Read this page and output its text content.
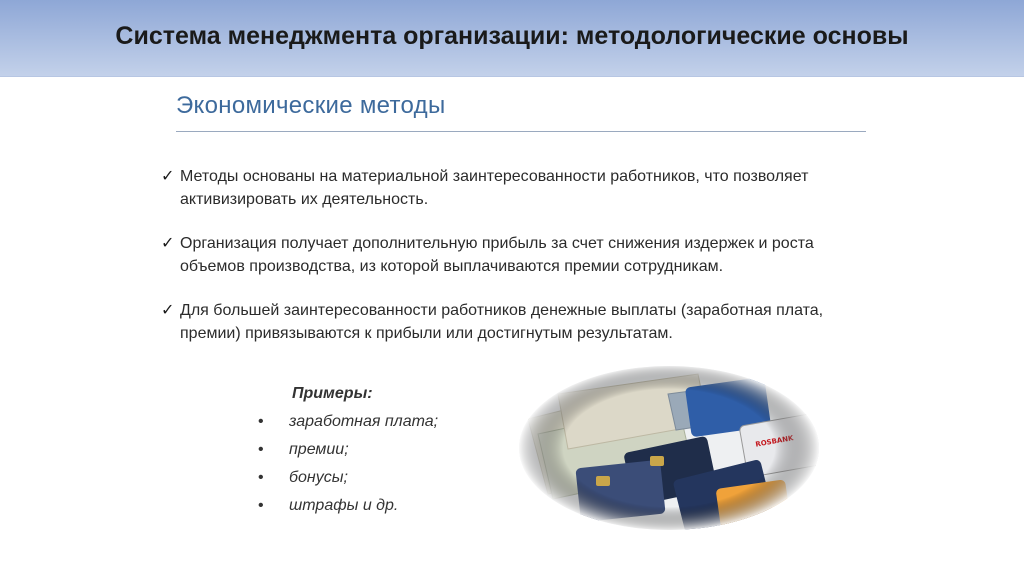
Система менеджмента организации: методологические основы
Экономические методы
✓ Методы основаны на материальной заинтересованности работников, что позволяет активизировать их деятельность.
✓ Организация получает дополнительную прибыль за счет снижения издержек и роста объемов производства, из которой выплачиваются премии сотрудникам.
✓ Для большей заинтересованности работников денежные выплаты (заработная плата, премии) привязываются к прибыли или достигнутым результатам.
Примеры:
• заработная плата;
• премии;
• бонусы;
• штрафы и др.
